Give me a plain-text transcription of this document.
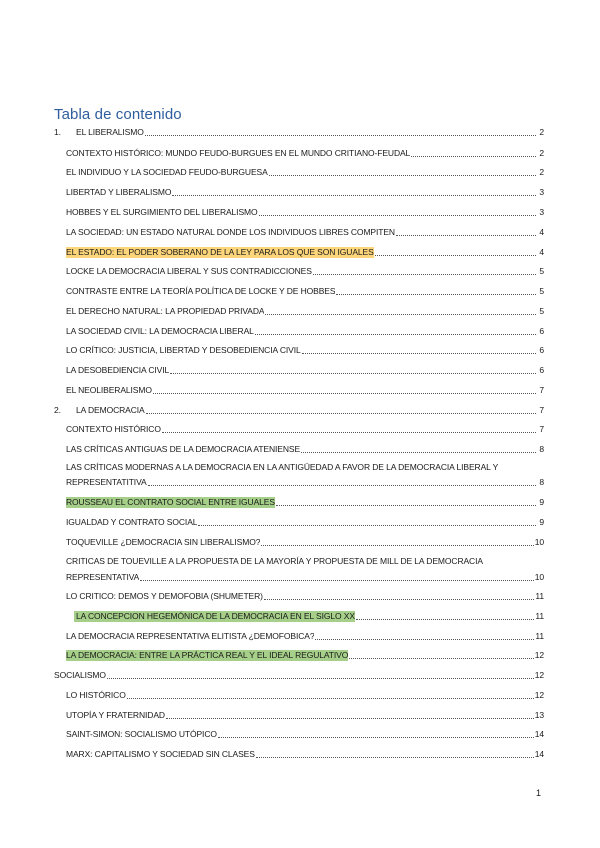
Tabla de contenido
1.	EL LIBERALISMO	2
CONTEXTO HISTÓRICO: MUNDO FEUDO-BURGUES EN EL MUNDO CRITIANO-FEUDAL	2
EL INDIVIDUO Y LA SOCIEDAD FEUDO-BURGUESA	2
LIBERTAD Y LIBERALISMO	3
HOBBES Y EL SURGIMIENTO DEL LIBERALISMO	3
LA SOCIEDAD: UN ESTADO NATURAL DONDE LOS INDIVIDUOS LIBRES COMPITEN	4
EL ESTADO: EL PODER SOBERANO DE LA LEY PARA LOS QUE SON IGUALES	4
LOCKE LA DEMOCRACIA LIBERAL Y SUS CONTRADICCIONES	5
CONTRASTE ENTRE LA TEORÍA POLÍTICA DE LOCKE Y DE HOBBES	5
EL DERECHO NATURAL: LA PROPIEDAD PRIVADA	5
LA SOCIEDAD CIVIL: LA DEMOCRACIA LIBERAL	6
LO CRÍTICO: JUSTICIA, LIBERTAD Y DESOBEDIENCIA CIVIL	6
LA DESOBEDIENCIA CIVIL	6
EL NEOLIBERALISMO	7
2.	LA DEMOCRACIA	7
CONTEXTO HISTÓRICO	7
LAS CRÍTICAS ANTIGUAS DE LA DEMOCRACIA ATENIENSE	8
LAS CRÍTICAS MODERNAS A LA DEMOCRACIA EN LA ANTIGÜEDAD A FAVOR DE LA DEMOCRACIA LIBERAL Y
REPRESENTATITIVA	8
ROUSSEAU EL CONTRATO SOCIAL ENTRE IGUALES	9
IGUALDAD Y CONTRATO SOCIAL	9
TOQUEVILLE ¿DEMOCRACIA SIN LIBERALISMO?	10
CRITICAS DE TOUEVILLE A LA PROPUESTA DE LA MAYORÍA Y PROPUESTA DE MILL DE LA DEMOCRACIA
REPRESENTATIVA	10
LO CRITICO: DEMOS Y DEMOFOBIA (SHUMETER)	11
LA CONCEPCION HEGEMÓNICA DE LA DEMOCRACIA EN EL SIGLO XX	11
LA DEMOCRACIA REPRESENTATIVA ELITISTA ¿DEMOFOBICA?	11
LA DEMOCRACIA: ENTRE LA PRÁCTICA REAL Y EL IDEAL REGULATIVO	12
SOCIALISMO	12
LO HISTÓRICO	12
UTOPÍA Y FRATERNIDAD	13
SAINT-SIMON: SOCIALISMO UTÓPICO	14
MARX: CAPITALISMO Y SOCIEDAD SIN CLASES	14
1
